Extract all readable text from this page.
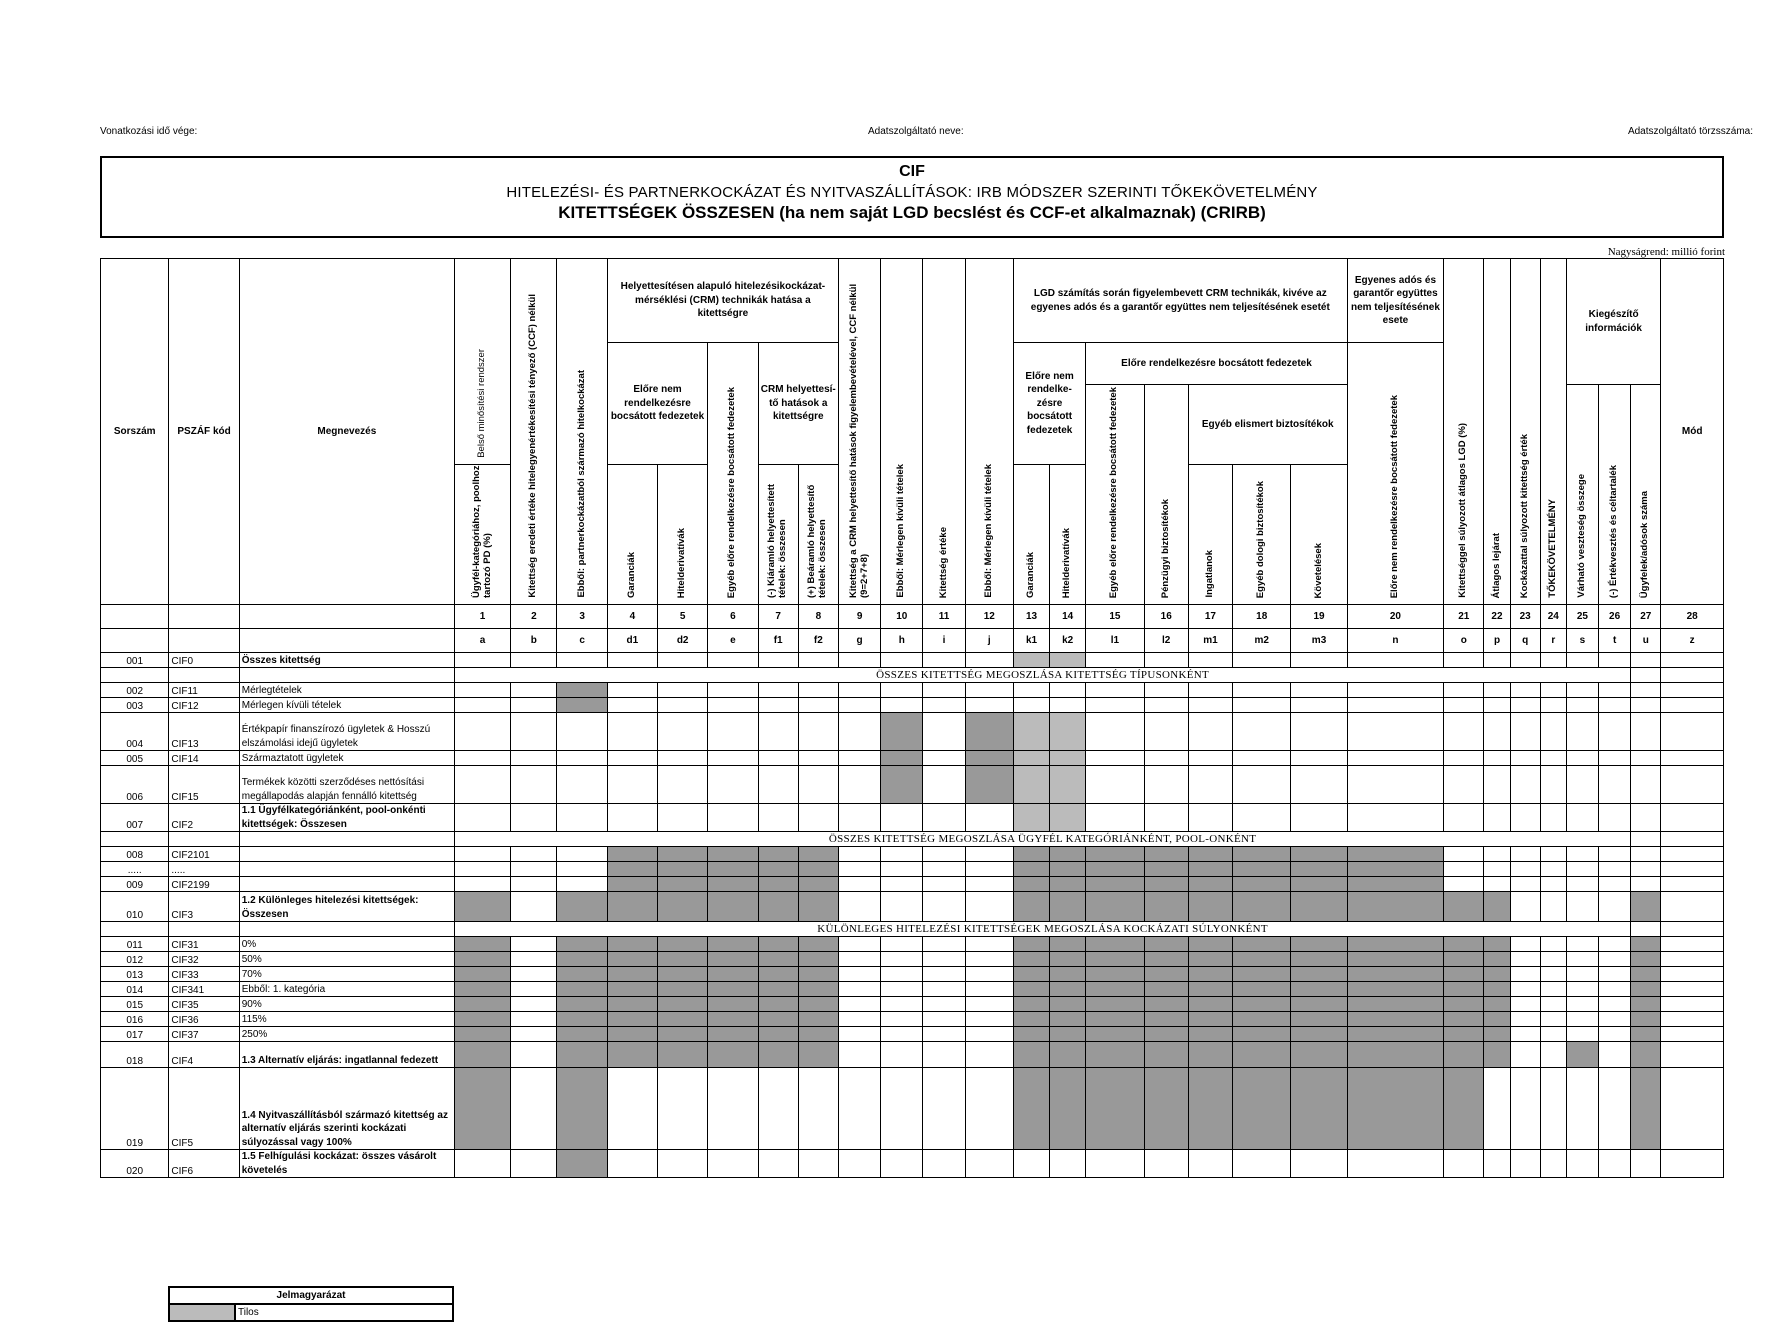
Vonatkozási idő vége:	Adatszolgáltató neve:	Adatszolgáltató törzsszáma:
CIF
HITELEZÉSI- ÉS PARTNERKOCKÁZAT ÉS NYITVASZÁLLÍTÁSOK: IRB MÓDSZER SZERINTI TŐKEKÖVETELMÉNY
KITETTSÉGEK ÖSSZESEN (ha nem saját LGD becslést és CCF-et alkalmaznak) (CRIRB)
Nagyságrend: millió forint
Sorszám	PSZÁF kód	Megnevezés	Belső minősítési rendszer	Kitettség eredeti értéke hitelegyenértékesítési tényező (CCF) nélkül	Ebből: partnerkockázatból származó hitelkockázat	Helyettesítésen alapuló hitelezésikockázat-mérséklési (CRM) technikák hatása a kitettségre					Kitettség a CRM helyettesítő hatások figyelembevételével, CCF nélkül (9=2+7+8)	Ebből: Mérlegen kívüli tételek	Kitettség értéke	Ebből: Mérlegen kívüli tételek	LGD számítás során figyelembevett CRM technikák, kivéve az egyenes adós és a garantőr együttes nem teljesítésének esetét							Egyenes adós és garantőr együttes nem teljesítésének esete	Kitettséggel súlyozott átlagos LGD (%)	Átlagos lejárat	Kockázattal súlyozott kitettség érték	TŐKEKÖVETELMÉNY	Kiegészítő információk			Mód
						Előre nem rendelkezésre bocsátott fedezetek		Egyéb előre rendelkezésre bocsátott fedezetek	CRM helyettesí-tő hatások a kitettségre						Előre nem rendelke-zésre bocsátott fedezetek		Előre rendelkezésre bocsátott fedezetek					Előre nem rendelkezésre bocsátott fedezetek								
																	Egyéb előre rendelkezésre bocsátott fedezetek	Pénzügyi biztosítékok	Egyéb elismert biztosítékok								Várható veszteség összege	(-) Értékvesztés és céltartalék	Ügyfelek/adósok száma	
			Ügyfél-kategóriához, poolhoz tartozó PD (%)			Garanciák	Hitelderivatívák		(-) Kiáramló helyettesített tételek: összesen	(+) Beáramló helyettesítő tételek: összesen					Garanciák	Hitelderivatívák			Ingatlanok	Egyéb dologi biztosítékok	Követelések									

			1	2	3	4	5	6	7	8	9	10	11	12	13	14	15	16	17	18	19	20	21	22	23	24	25	26	27	28
			a	b	c	d1	d2	e	f1	f2	g	h	i	j	k1	k2	l1	l2	m1	m2	m3	n	o	p	q	r	s	t	u	z
001	CIF0	Összes kitettség																												
			ÖSSZES KITETTSÉG MEGOSZLÁSA KITETTSÉG TÍPUSONKÉNT																											
002	CIF11	Mérlegtételek																												
003	CIF12	Mérlegen kívüli tételek																												
004	CIF13	Értékpapír finanszírozó ügyletek & Hosszú elszámolási idejű ügyletek																												
005	CIF14	Származtatott ügyletek																												
006	CIF15	Termékek közötti szerződéses nettósítási megállapodás alapján fennálló kitettség																												
007	CIF2	1.1 Ügyfélkategóriánként, pool-onkénti kitettségek: Összesen																												
			ÖSSZES KITETTSÉG MEGOSZLÁSA ÜGYFÉL KATEGÓRIÁNKÉNT, POOL-ONKÉNT																											
008	CIF2101																													
.....	.....																													
009	CIF2199																													
010	CIF3	1.2 Különleges hitelezési kitettségek: Összesen																												
			KÜLÖNLEGES HITELEZÉSI KITETTSÉGEK MEGOSZLÁSA KOCKÁZATI SÚLYONKÉNT																											
011	CIF31	0%																												
012	CIF32	50%																												
013	CIF33	70%																												
014	CIF341	Ebből: 1. kategória																												
015	CIF35	90%																												
016	CIF36	115%																												
017	CIF37	250%																												
018	CIF4	1.3 Alternatív eljárás: ingatlannal fedezett																												
019	CIF5	1.4 Nyitvaszállításból származó kitettség az alternatív eljárás szerinti kockázati súlyozással vagy 100%																												
020	CIF6	1.5 Felhígulási kockázat: összes vásárolt követelés																												
Jelmagyarázat
	Tilos
